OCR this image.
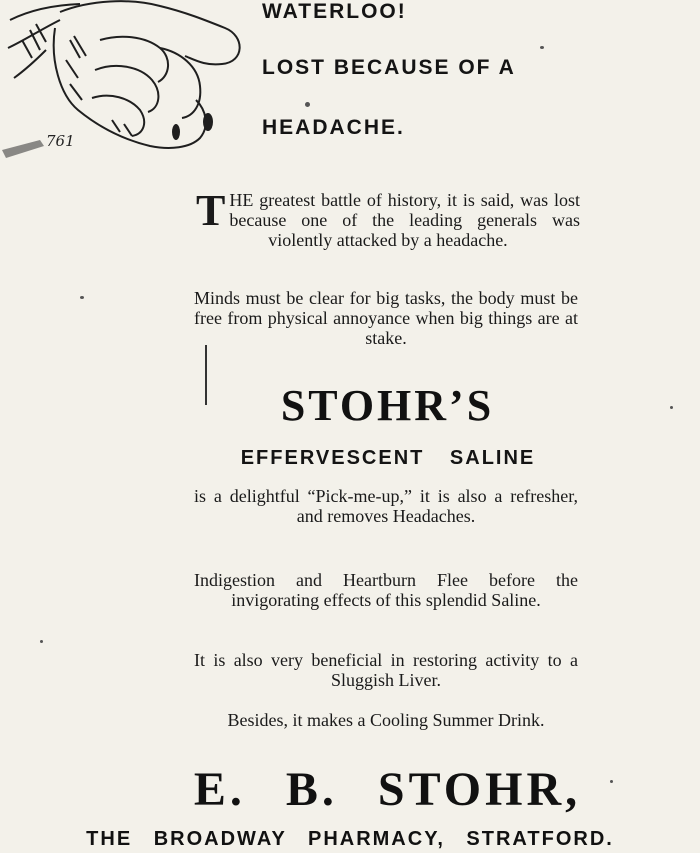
761
WATERLOO!
LOST BECAUSE OF A
HEADACHE.
THE greatest battle of history, it is said, was lost because one of the leading generals was violently attacked by a headache.
Minds must be clear for big tasks, the body must be free from physical annoyance when big things are at stake.
STOHR’S
EFFERVESCENT SALINE
is a delightful “Pick-me-up,” it is also a refresher, and removes Headaches.
Indigestion and Heartburn Flee before the invigorating effects of this splendid Saline.
It is also very beneficial in restoring activity to a Sluggish Liver.
Besides, it makes a Cooling Summer Drink.
E. B. STOHR,
THE BROADWAY PHARMACY, STRATFORD.
